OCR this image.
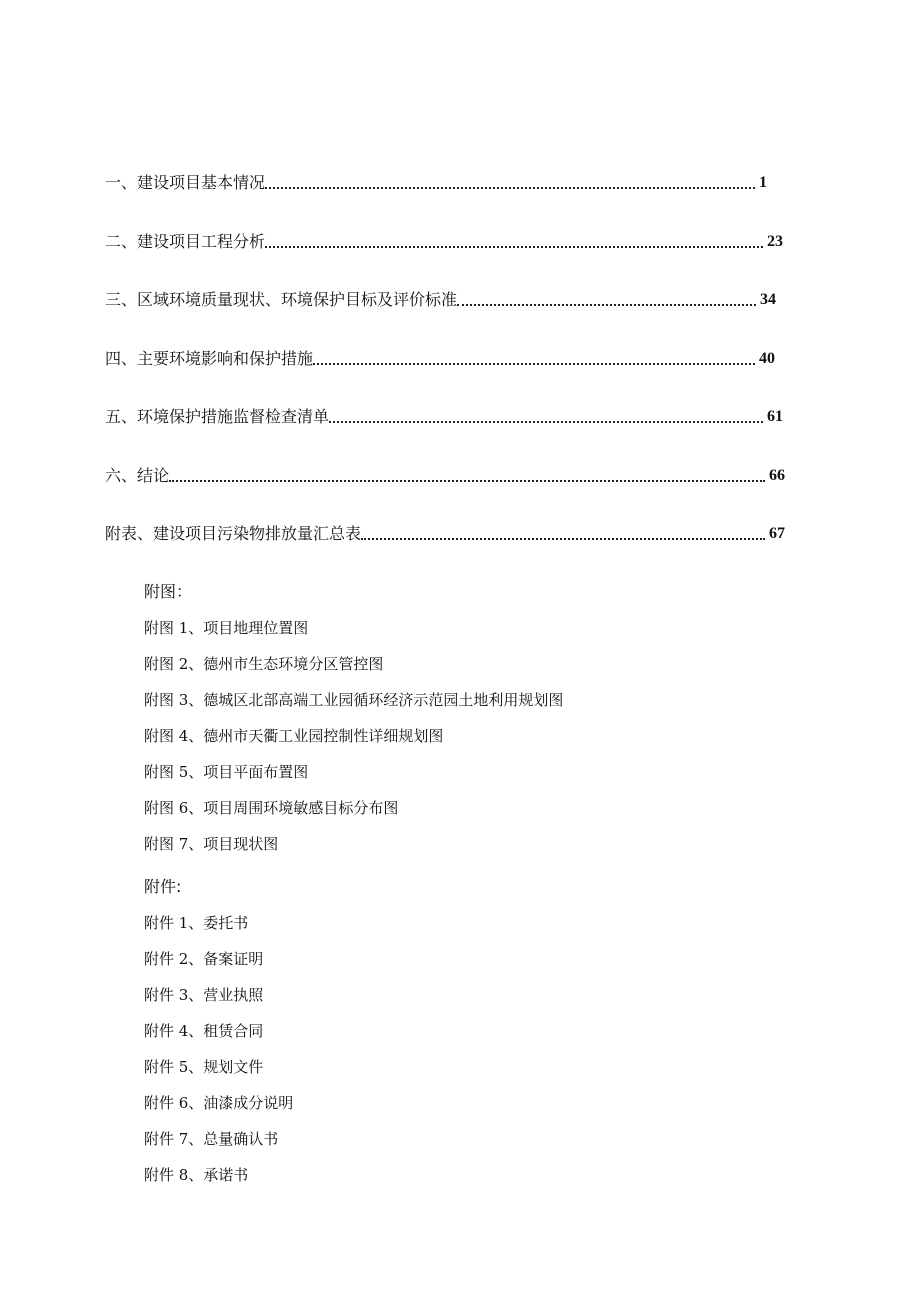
一、建设项目基本情况	1
二、建设项目工程分析	23
三、区域环境质量现状、环境保护目标及评价标准	34
四、主要环境影响和保护措施	40
五、环境保护措施监督检查清单	61
六、结论	66
附表、建设项目污染物排放量汇总表	67
附图：
附图 1、项目地理位置图
附图 2、德州市生态环境分区管控图
附图 3、德城区北部高端工业园循环经济示范园土地利用规划图
附图 4、德州市天衢工业园控制性详细规划图
附图 5、项目平面布置图
附图 6、项目周围环境敏感目标分布图
附图 7、项目现状图
附件:
附件 1、委托书
附件 2、备案证明
附件 3、营业执照
附件 4、租赁合同
附件 5、规划文件
附件 6、油漆成分说明
附件 7、总量确认书
附件 8、承诺书
